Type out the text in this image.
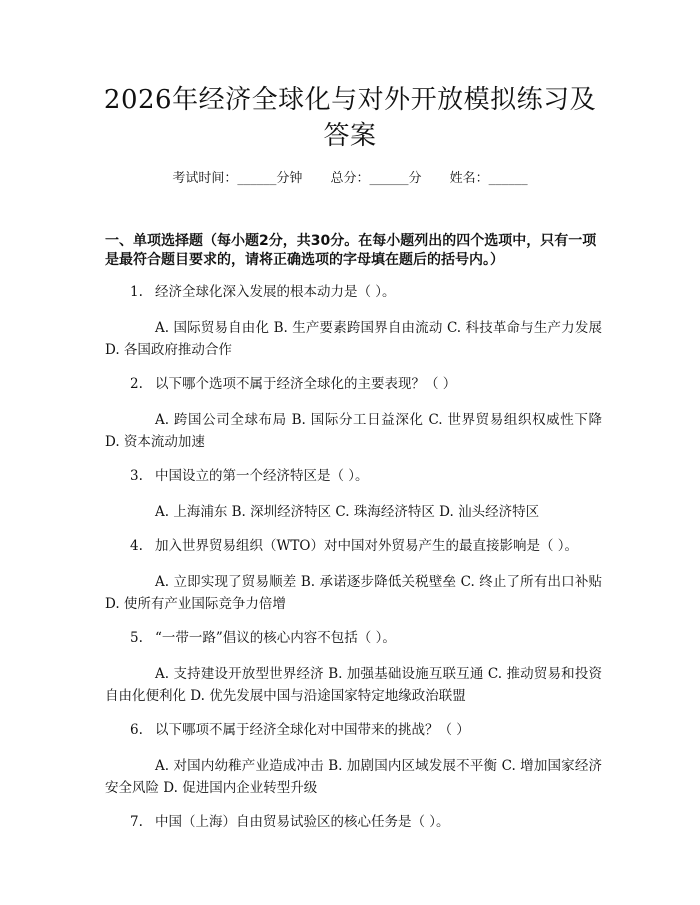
2026年经济全球化与对外开放模拟练习及答案
考试时间：______分钟 总分：______分 姓名：______
一、单项选择题（每小题2分，共30分。在每小题列出的四个选项中，只有一项是最符合题目要求的，请将正确选项的字母填在题后的括号内。）
1. 经济全球化深入发展的根本动力是（ ）。
A. 国际贸易自由化 B. 生产要素跨国界自由流动 C. 科技革命与生产力发展 D. 各国政府推动合作
2. 以下哪个选项不属于经济全球化的主要表现？（ ）
A. 跨国公司全球布局 B. 国际分工日益深化 C. 世界贸易组织权威性下降 D. 资本流动加速
3. 中国设立的第一个经济特区是（ ）。
A. 上海浦东 B. 深圳经济特区 C. 珠海经济特区 D. 汕头经济特区
4. 加入世界贸易组织（WTO）对中国对外贸易产生的最直接影响是（ ）。
A. 立即实现了贸易顺差 B. 承诺逐步降低关税壁垒 C. 终止了所有出口补贴 D. 使所有产业国际竞争力倍增
5. “一带一路”倡议的核心内容不包括（ ）。
A. 支持建设开放型世界经济 B. 加强基础设施互联互通 C. 推动贸易和投资自由化便利化 D. 优先发展中国与沿途国家特定地缘政治联盟
6. 以下哪项不属于经济全球化对中国带来的挑战？（ ）
A. 对国内幼稚产业造成冲击 B. 加剧国内区域发展不平衡 C. 增加国家经济安全风险 D. 促进国内企业转型升级
7. 中国（上海）自由贸易试验区的核心任务是（ ）。
